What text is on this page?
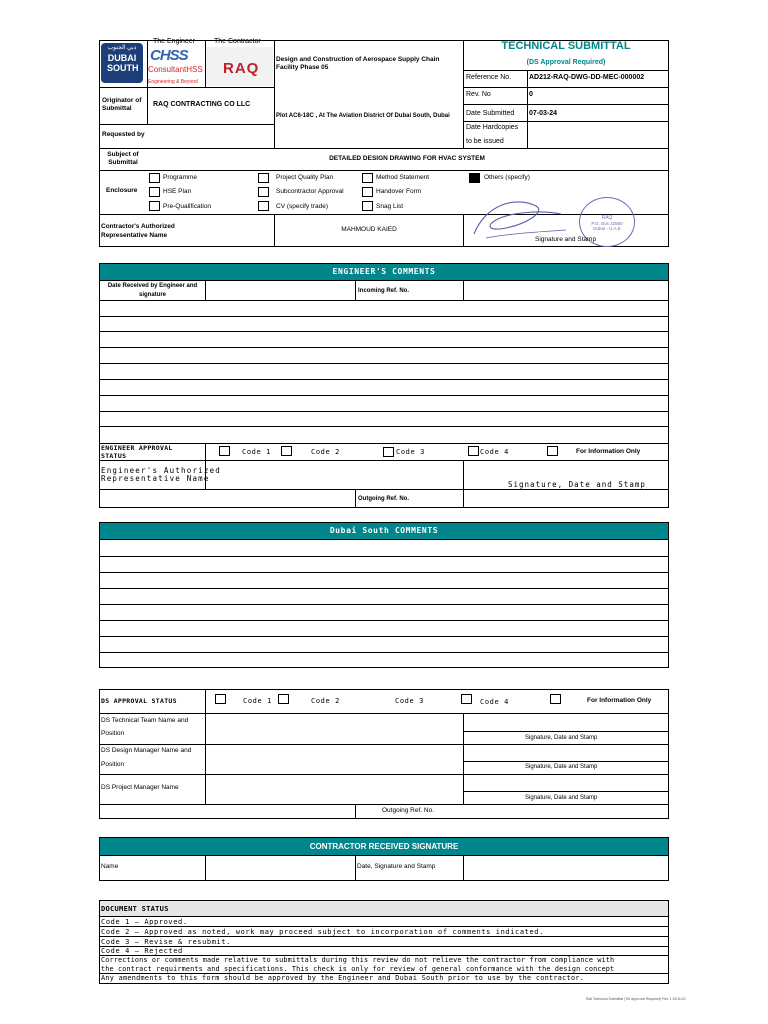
The Engineer	The Contractor
دبي الجنوب
DUBAI SOUTH
CHSS
ConsultantHSS
Engineering & Beyond
RAQ
Design and Construction of Aerospace Supply Chain Facility Phase 05
TECHNICAL SUBMITTAL
(DS Approval Required)
Reference No.	AD212-RAQ-DWG-DD-MEC-000002
Rev. No	0
Date Submitted 07-03-24
Date Hardcopies
to be issued
Originator of Submittal
RAQ CONTRACTING CO LLC
Plot AC6-18C , At The Aviation District Of Dubai South, Dubai
Requested by
Subject of Submittal
DETAILED DESIGN DRAWING FOR HVAC SYSTEM
Enclosure
Programme	Project Quality Plan	Method Statement	Others (specify)
HSE Plan	Subcontractor Approval	Handover Form
Pre-Qualification	CV (specify trade)	Snag List
Contractor's Authorized Representative Name
MAHMOUD KAIED
RAQ
P.O. Box 22560
Dubai - U.A.E
Signature and Stamp
ENGINEER'S COMMENTS
Date Received by Engineer and signature
Incoming Ref. No.
ENGINEER APPROVAL STATUS	Code 1	Code 2	Code 3	Code 4	For Information Only
Engineer's Authorized
Representative Name
Signature, Date and Stamp
Outgoing Ref. No.
Dubai South COMMENTS
DS APPROVAL STATUS	Code 1	Code 2	Code 3	Code 4	For Information Only
DS Technical Team Name and
Position
Signature, Date and Stamp
DS Design Manager Name and
Position	Signature, Date and Stamp
DS Project Manager Name
Signature, Date and Stamp
Outgoing Ref. No.
CONTRACTOR RECEIVED SIGNATURE
Name	Date, Signature and Stamp
DOCUMENT STATUS
Code 1 – Approved.
Code 2 – Approved as noted, work may proceed subject to incorporation of comments indicated.
Code 3 – Revise & resubmit.
Code 4 – Rejected
Corrections or comments made relative to submittals during this review do not relieve the contractor from compliance with
the contract requirments and specifications. This check is only for review of general conformance with the design concept
Any amendments to this form should be approved by the Engineer and Dubai South prior to use by the contractor.
Rail Technical Submittal (TM Approval Required) Rev 1 19/11/22
